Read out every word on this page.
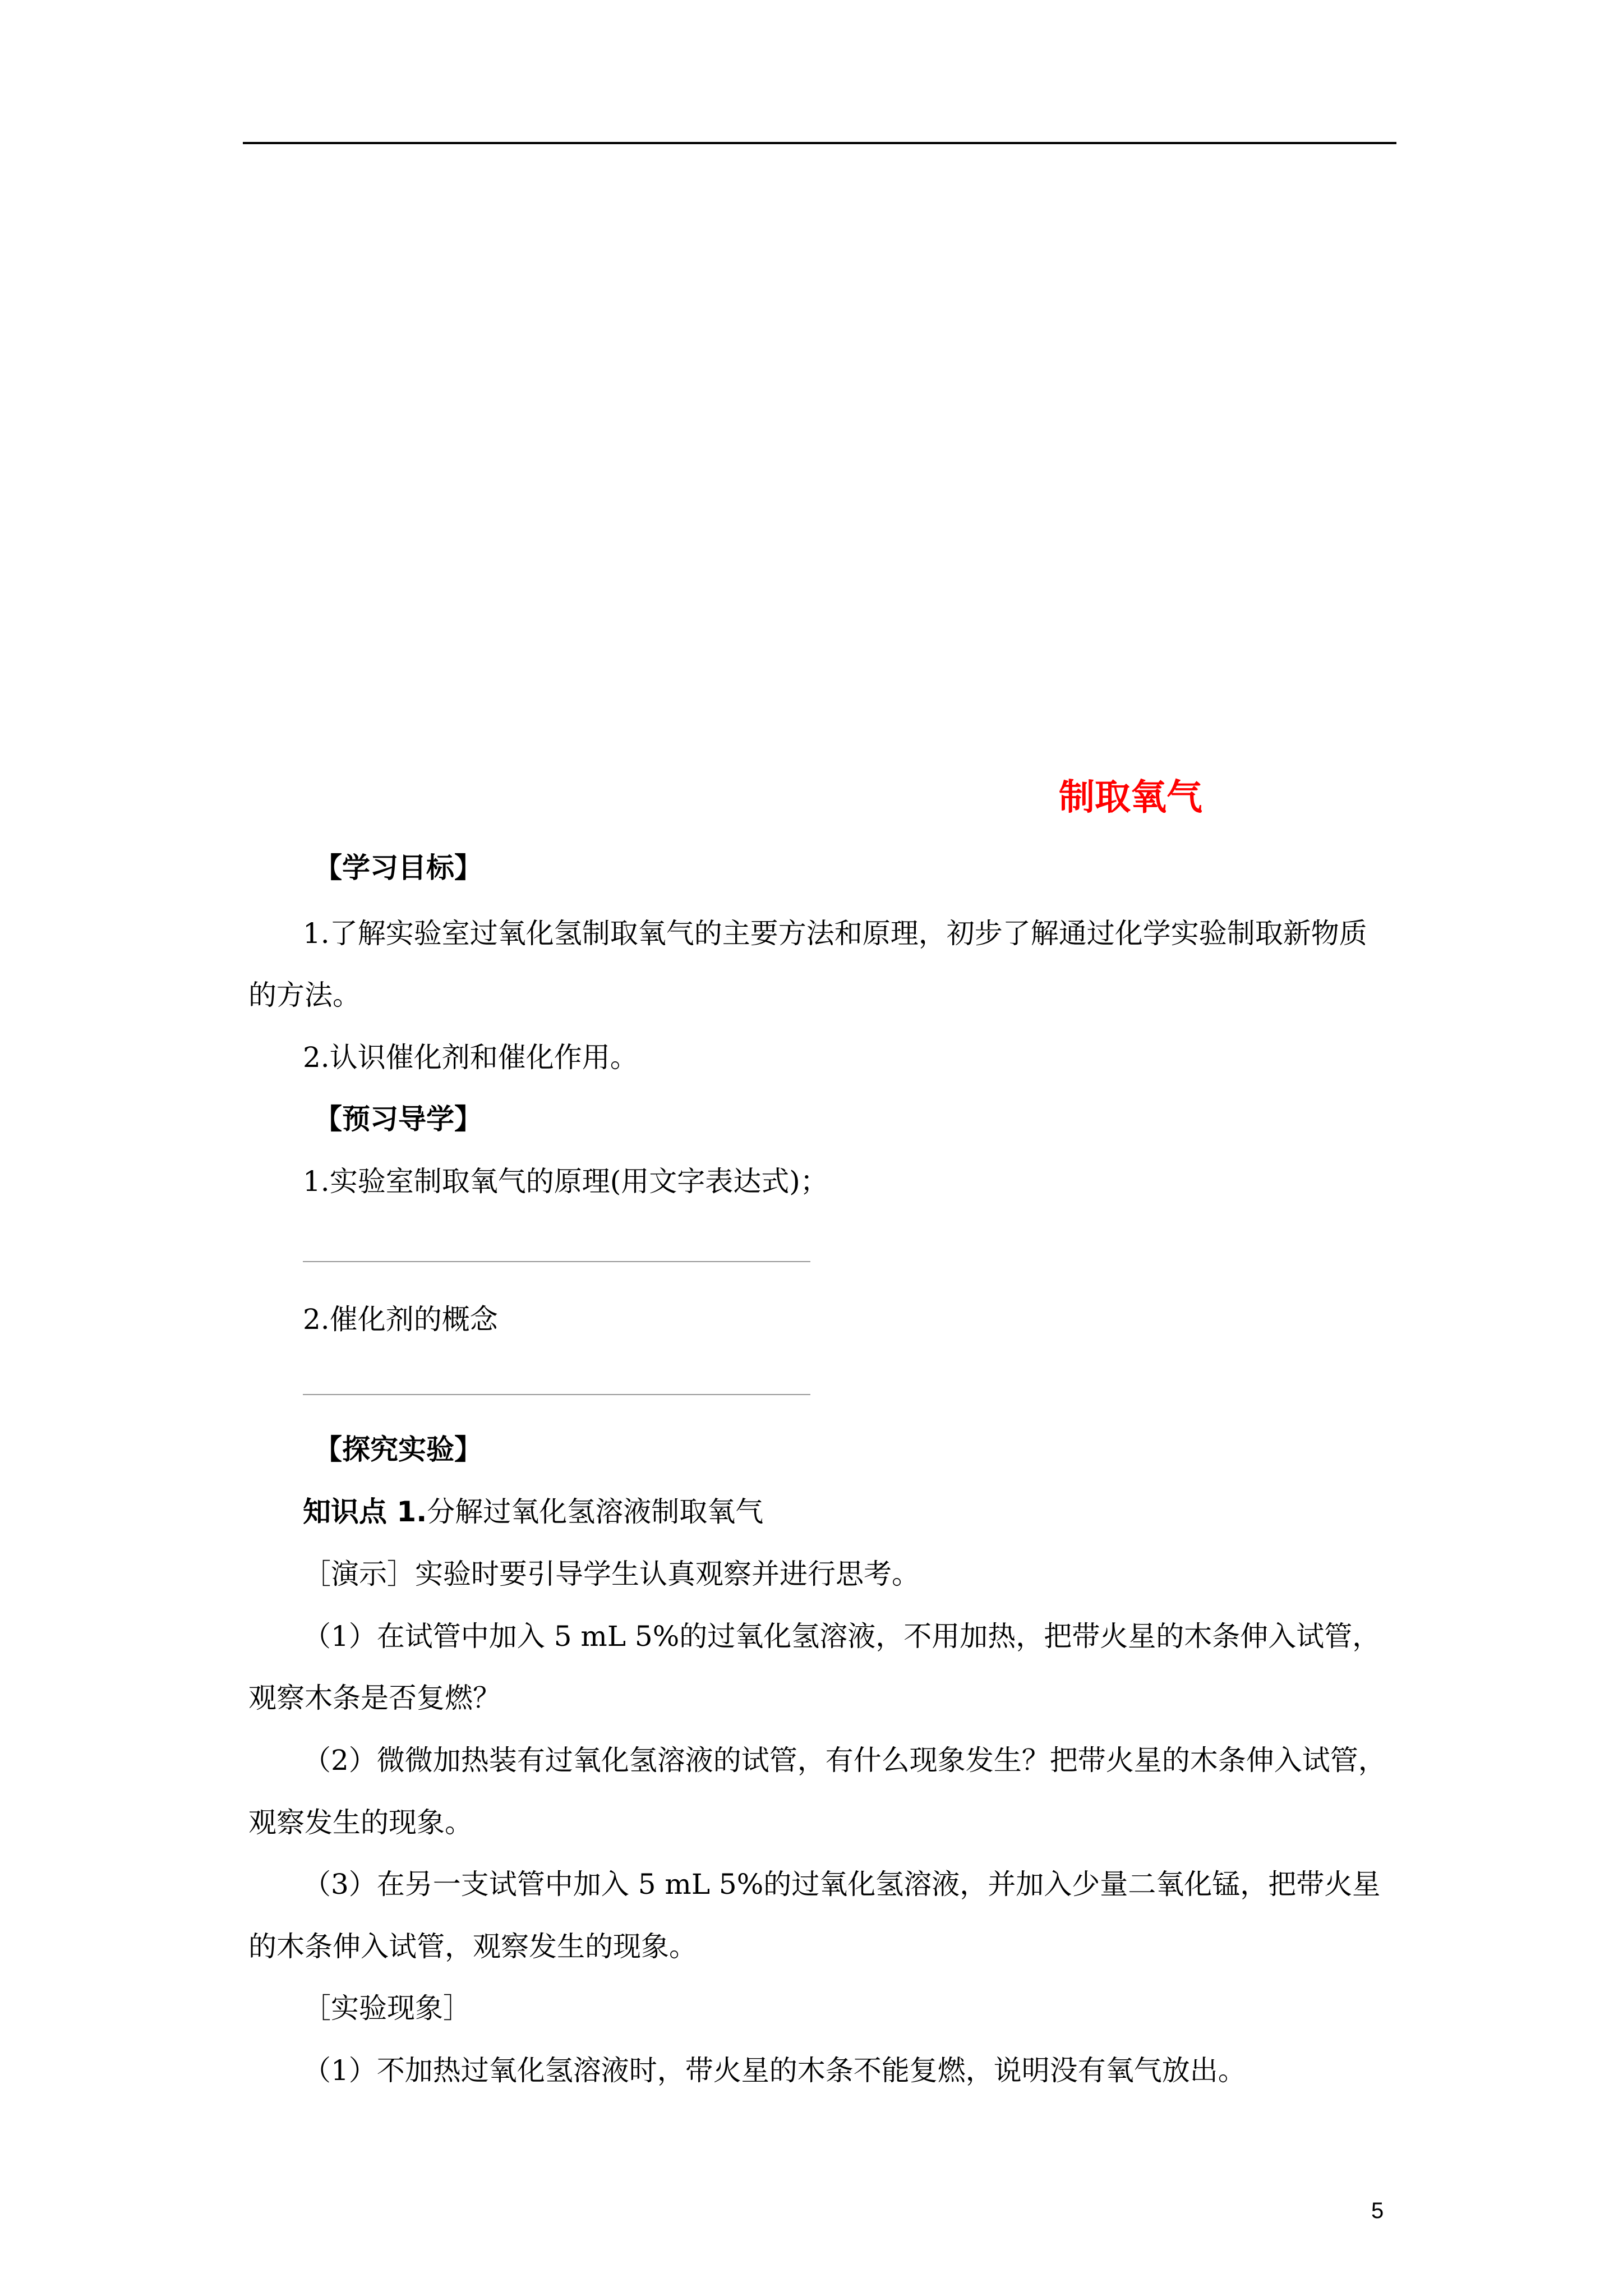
制取氧气
【学习目标】
1.了解实验室过氧化氢制取氧气的主要方法和原理，初步了解通过化学实验制取新物质
的方法。
2.认识催化剂和催化作用。
【预习导学】
1.实验室制取氧气的原理(用文字表达式)；
2.催化剂的概念
【探究实验】
知识点 1.分解过氧化氢溶液制取氧气
［演示］实验时要引导学生认真观察并进行思考。
（1）在试管中加入 5 mL 5%的过氧化氢溶液，不用加热，把带火星的木条伸入试管，
观察木条是否复燃？
（2）微微加热装有过氧化氢溶液的试管，有什么现象发生？把带火星的木条伸入试管，
观察发生的现象。
（3）在另一支试管中加入 5 mL 5%的过氧化氢溶液，并加入少量二氧化锰，把带火星
的木条伸入试管，观察发生的现象。
［实验现象］
（1）不加热过氧化氢溶液时，带火星的木条不能复燃，说明没有氧气放出。
5
